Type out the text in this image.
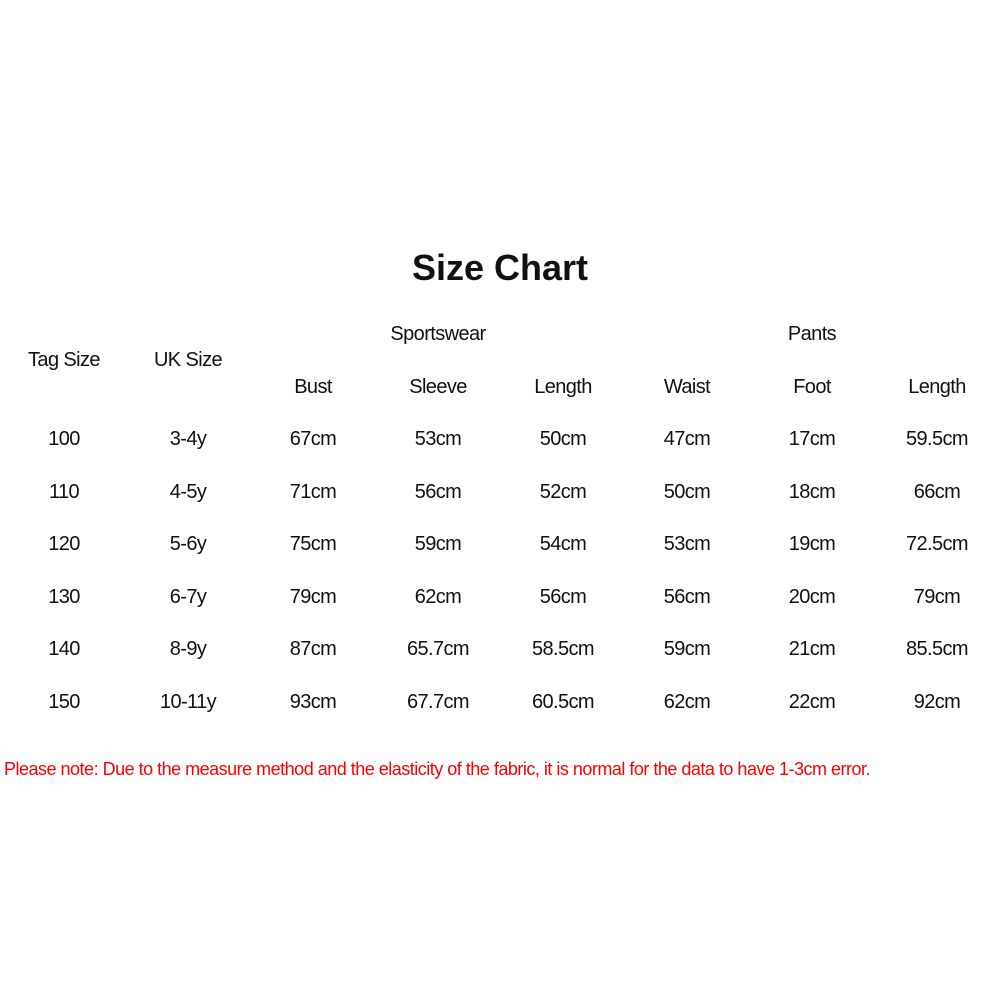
Size Chart
Sportswear	Pants
Tag Size	UK Size
Bust	Sleeve	Length	Waist	Foot	Length
100	3-4y	67cm	53cm	50cm	47cm	17cm	59.5cm
110	4-5y	71cm	56cm	52cm	50cm	18cm	66cm
120	5-6y	75cm	59cm	54cm	53cm	19cm	72.5cm
130	6-7y	79cm	62cm	56cm	56cm	20cm	79cm
140	8-9y	87cm	65.7cm	58.5cm	59cm	21cm	85.5cm
150	10-11y	93cm	67.7cm	60.5cm	62cm	22cm	92cm
Please note: Due to the measure method and the elasticity of the fabric, it is normal for the data to have 1-3cm error.
